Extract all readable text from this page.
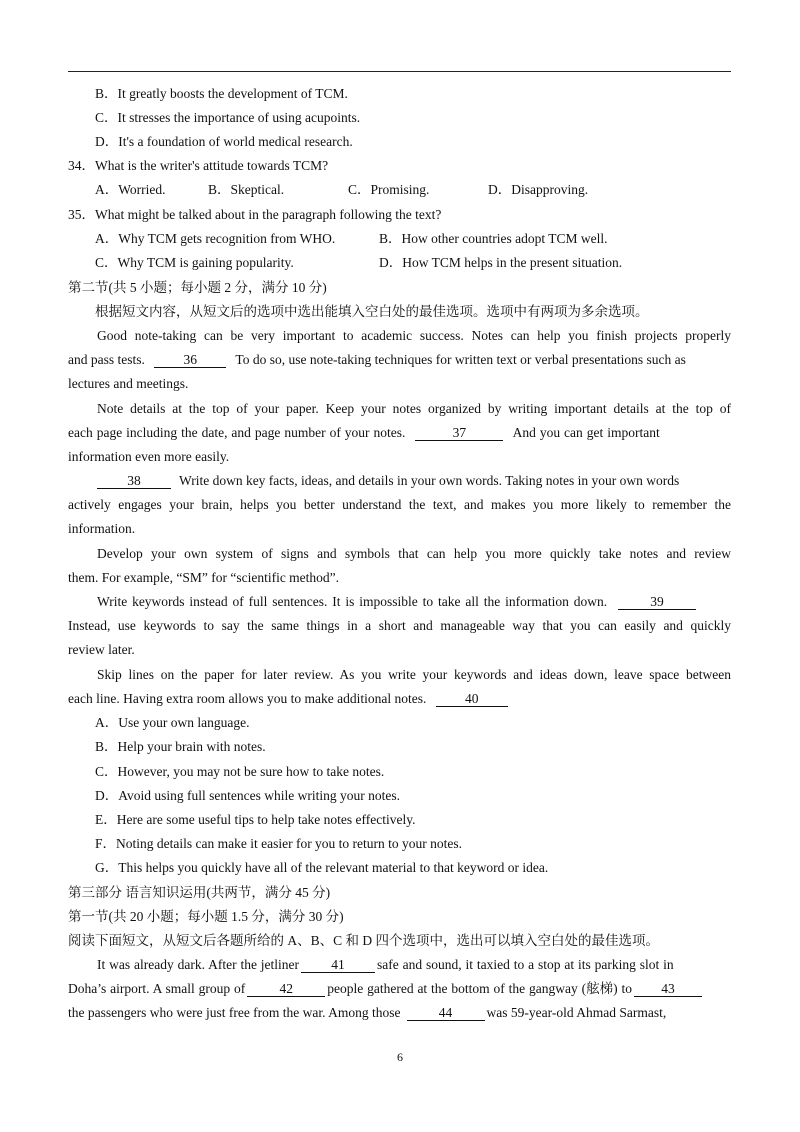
B．It greatly boosts the development of TCM.
C．It stresses the importance of using acupoints.
D．It's a foundation of world medical research.
34．What is the writer's attitude towards TCM?
A．Worried.	B．Skeptical.	C．Promising.	D．Disapproving.
35．What might be talked about in the paragraph following the text?
A．Why TCM gets recognition from WHO.	B．How other countries adopt TCM well.
C．Why TCM is gaining popularity.	D．How TCM helps in the present situation.
第二节(共 5 小题；每小题 2 分，满分 10 分)
根据短文内容，从短文后的选项中选出能填入空白处的最佳选项。选项中有两项为多余选项。
Good note-taking can be very important to academic success. Notes can help you finish projects properly
and pass tests.	36	To do so, use note-taking techniques for written text or verbal presentations such as
lectures and meetings.
Note details at the top of your paper. Keep your notes organized by writing important details at the top of
each page including the date, and page number of your notes.	37	And you can get important
information even more easily.
38	Write down key facts, ideas, and details in your own words. Taking notes in your own words
actively engages your brain, helps you better understand the text, and makes you more likely to remember the
information.
Develop your own system of signs and symbols that can help you more quickly take notes and review
them. For example, “SM” for “scientific method”.
Write keywords instead of full sentences. It is impossible to take all the information down.	39
Instead, use keywords to say the same things in a short and manageable way that you can easily and quickly
review later.
Skip lines on the paper for later review. As you write your keywords and ideas down, leave space between
each line. Having extra room allows you to make additional notes.	40
A．Use your own language.
B．Help your brain with notes.
C．However, you may not be sure how to take notes.
D．Avoid using full sentences while writing your notes.
E．Here are some useful tips to help take notes effectively.
F．Noting details can make it easier for you to return to your notes.
G．This helps you quickly have all of the relevant material to that keyword or idea.
第三部分 语言知识运用(共两节，满分 45 分)
第一节(共 20 小题；每小题 1.5 分，满分 30 分)
阅读下面短文，从短文后各题所给的 A、B、C 和 D 四个选项中，选出可以填入空白处的最佳选项。
It was already dark. After the jetliner 41 safe and sound, it taxied to a stop at its parking slot in
Doha’s airport. A small group of	42	people gathered at the bottom of the gangway (舷梯) to 43
the passengers who were just free from the war. Among those	44	was 59-year-old Ahmad Sarmast,
6
